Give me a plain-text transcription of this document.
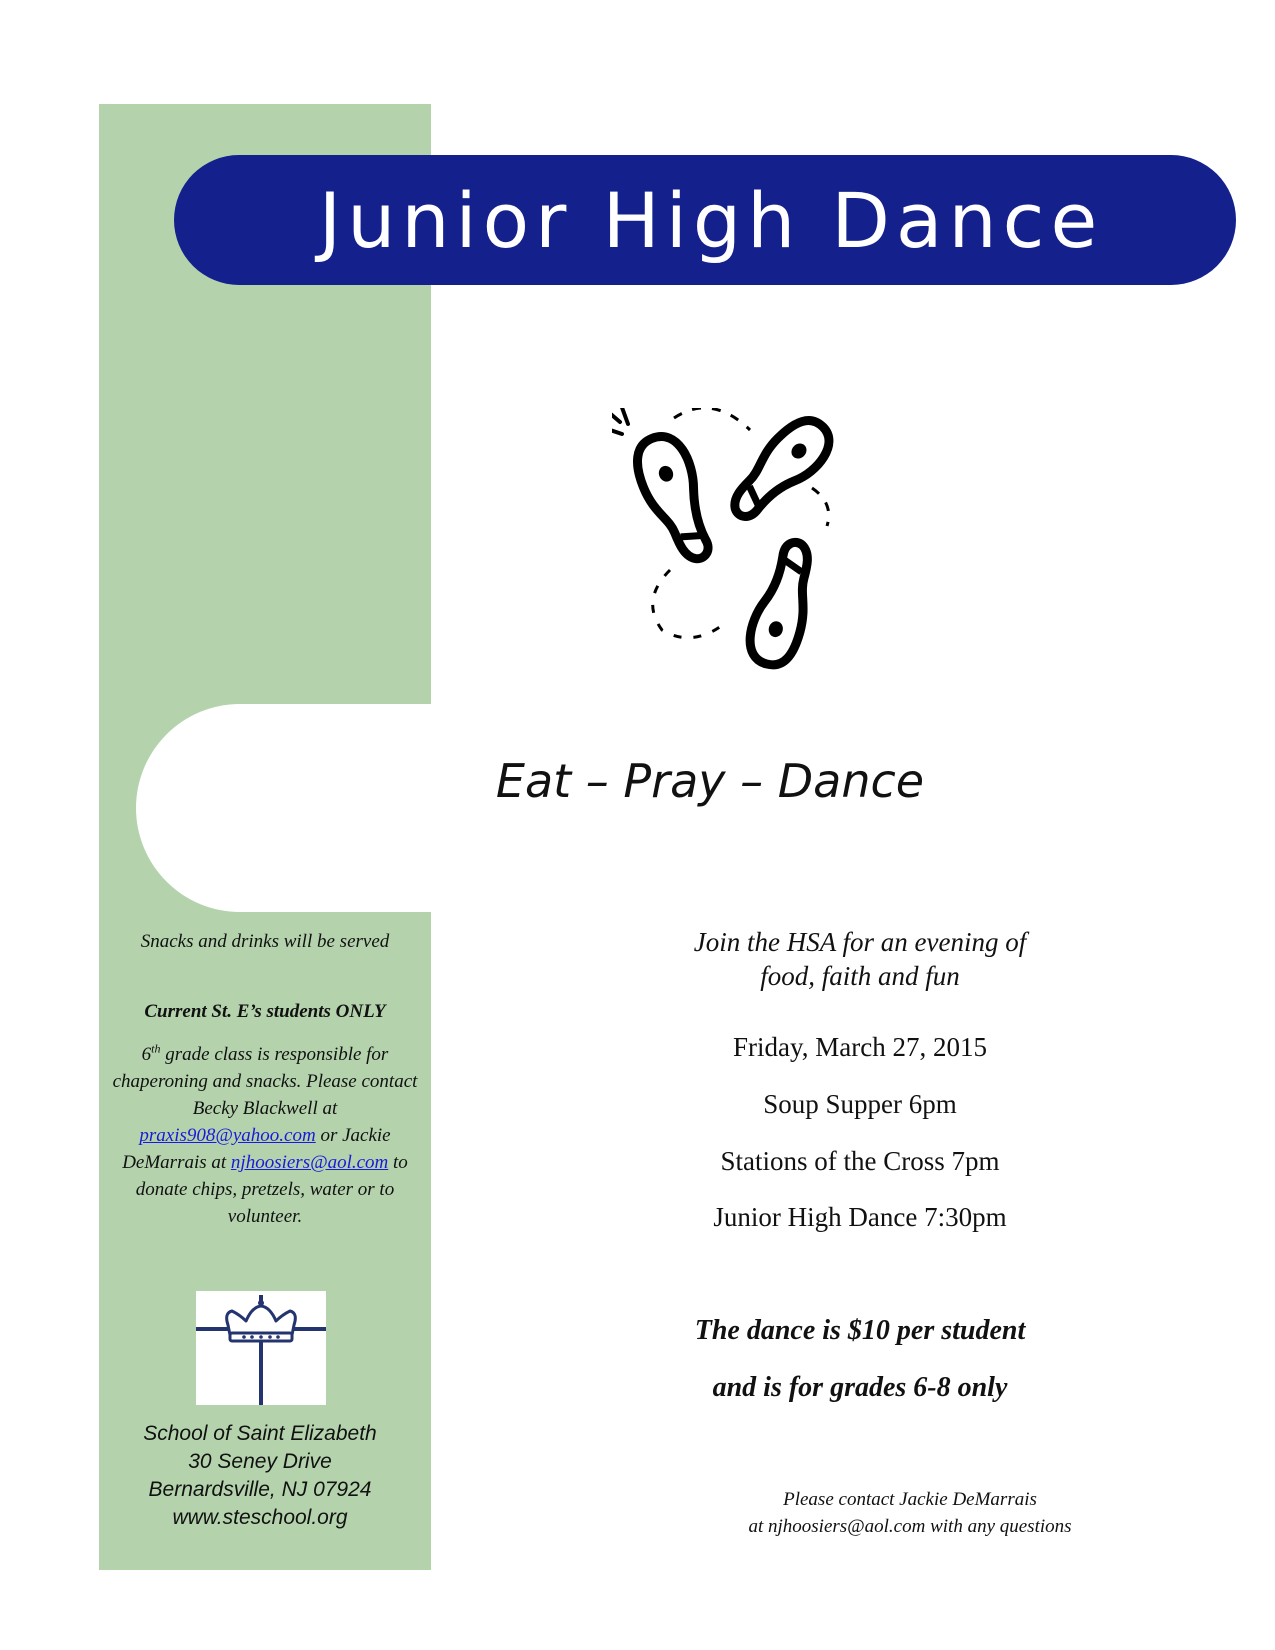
Junior High Dance
Eat – Pray – Dance
Snacks and drinks will be served
Current St. E’s students ONLY
6th grade class is responsible for chaperoning and snacks. Please contact Becky Blackwell at praxis908@yahoo.com or Jackie DeMarrais at njhoosiers@aol.com to donate chips, pretzels, water or to volunteer.
School of Saint Elizabeth
30 Seney Drive
Bernardsville, NJ 07924
www.steschool.org
Join the HSA for an evening of
food, faith and fun
Friday, March 27, 2015
Soup Supper 6pm
Stations of the Cross 7pm
Junior High Dance 7:30pm
The dance is $10 per student
and is for grades 6-8 only
Please contact Jackie DeMarrais
at njhoosiers@aol.com with any questions
